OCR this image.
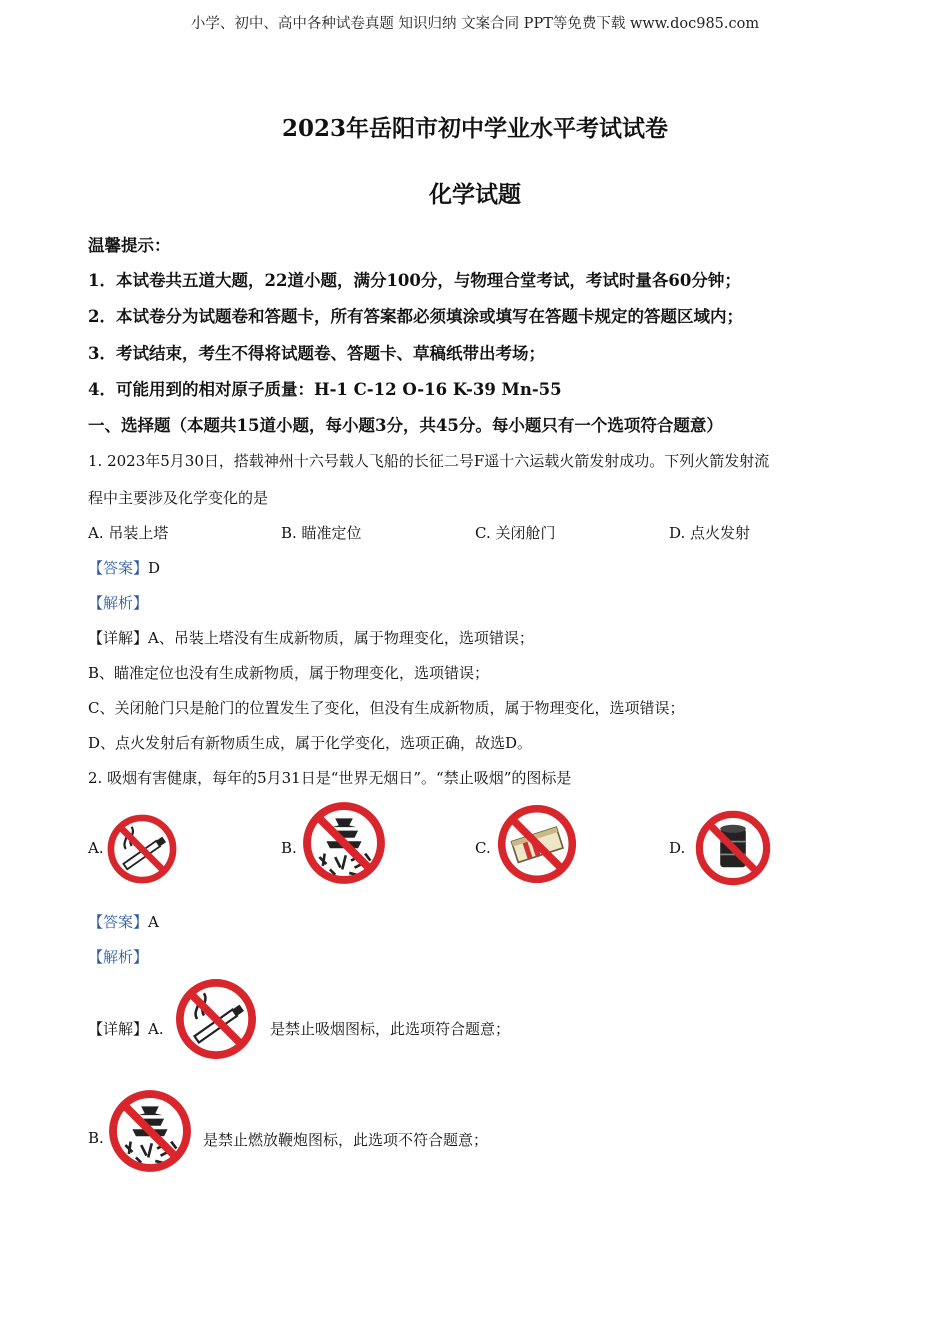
小学、初中、高中各种试卷真题 知识归纳 文案合同 PPT等免费下载 www.doc985.com
2023年岳阳市初中学业水平考试试卷
化学试题
温馨提示：
1．本试卷共五道大题，22道小题，满分100分，与物理合堂考试，考试时量各60分钟；
2．本试卷分为试题卷和答题卡，所有答案都必须填涂或填写在答题卡规定的答题区域内；
3．考试结束，考生不得将试题卷、答题卡、草稿纸带出考场；
4．可能用到的相对原子质量：H-1 C-12 O-16 K-39 Mn-55
一、选择题（本题共15道小题，每小题3分，共45分。每小题只有一个选项符合题意）
1. 2023年5月30日，搭载神州十六号载人飞船的长征二号F遥十六运载火箭发射成功。下列火箭发射流
程中主要涉及化学变化的是
A. 吊装上塔	B. 瞄准定位	C. 关闭舱门	D. 点火发射
【答案】D
【解析】
【详解】A、吊装上塔没有生成新物质，属于物理变化，选项错误；
B、瞄准定位也没有生成新物质，属于物理变化，选项错误；
C、关闭舱门只是舱门的位置发生了变化，但没有生成新物质，属于物理变化，选项错误；
D、点火发射后有新物质生成，属于化学变化，选项正确，故选D。
2. 吸烟有害健康，每年的5月31日是“世界无烟日”。“禁止吸烟”的图标是
A.	B.	C.	D.
【答案】A
【解析】
【详解】A.	是禁止吸烟图标，此选项符合题意；
B.	是禁止燃放鞭炮图标，此选项不符合题意；
